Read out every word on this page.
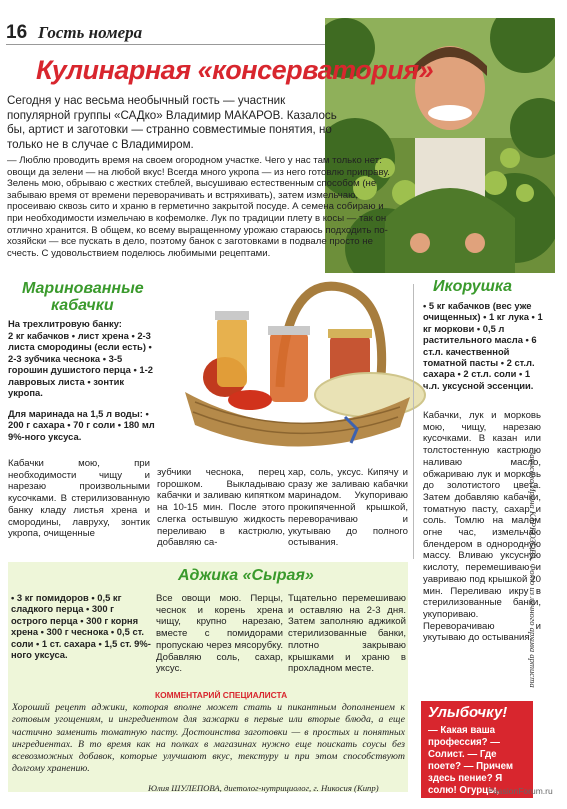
16 Гость номера
Кулинарная «консерватория»
Сегодня у нас весьма необычный гость — участник популярной группы «САДко» Владимир МАКАРОВ. Казалось бы, артист и заготовки — странно совместимые понятия, но только не в случае с Владимиром.
— Люблю проводить время на своем огородном участке. Чего у нас там только нет: овощи да зелени — на любой вкус! Всегда много укропа — из него готовлю приправу. Зелень мою, обрываю с жестких стеблей, высушиваю естественным способом (не забываю время от времени переворачивать и встряхивать), затем измельчаю, просеиваю сквозь сито и храню в герметично закрытой посуде. А семена собираю и при необходимости измельчаю в кофемолке. Лук по традиции плету в косы — так он отлично хранится. В общем, ко всему выращенному урожаю стараюсь подходить по-хозяйски — все пускать в дело, поэтому банок с заготовками в подвале просто не счесть. С удовольствием поделюсь любимыми рецептами.
Маринованные
кабачки
На трехлитровую банку:
2 кг кабачков • лист хрена • 2-3 листа смородины (если есть) • 2-3 зубчика чеснока • 3-5 горошин душистого перца • 1-2 лавровых листа • зонтик укропа.
Для маринада на 1,5 л воды: • 200 г сахара • 70 г соли • 180 мл 9%-ного уксуса.
Кабачки мою, при необходимости чищу и нарезаю произвольными кусочками. В стерилизованную банку кладу листья хрена и смородины, лавруху, зонтик укропа, очищенные
зубчики чеснока, перец горошком. Выкладываю кабачки и заливаю кипятком на 10-15 мин. После этого слегка остывшую жидкость переливаю в кастрюлю, добавляю са-
хар, соль, уксус. Кипячу и сразу же заливаю кабачки маринадом. Укупориваю прокипяченной крышкой, переворачиваю и укутываю до полного остывания.
Икорушка
• 5 кг кабачков (вес уже очищенных) • 1 кг лука • 1 кг моркови • 0,5 л растительного масла • 6 ст.л. качественной томатной пасты • 2 ст.л. сахара • 2 ст.л. соли • 1 ч.л. уксусной эссенции.
Кабачки, лук и морковь мою, чищу, нарезаю кусочками. В казан или толстостенную кастрюлю наливаю масло, обжариваю лук и морковь до золотистого цвета. Затем добавляю кабачки, томатную пасту, сахар и соль. Томлю на малом огне час, измельчаю блендером в однородную массу. Вливаю уксусную кислоту, перемешиваю и уавриваю под крышкой 20 мин. Переливаю икру в стерилизованные банки, укупориваю. Переворачиваю и укутываю до остывания.
Аджика «Сырая»
• 3 кг помидоров • 0,5 кг сладкого перца • 300 г острого перца • 300 г корня хрена • 300 г чеснока • 0,5 ст. соли • 1 ст. сахара • 1,5 ст. 9%-ного уксуса.
Все овощи мою. Перцы, чеснок и корень хрена чищу, крупно нарезаю, вместе с помидорами пропускаю через мясорубку. Добавляю соль, сахар, уксус.
Тщательно перемешиваю и оставляю на 2-3 дня. Затем заполняю аджикой стерилизованные банки, плотно закрываю крышками и храню в прохладном месте.
КОММЕНТАРИЙ СПЕЦИАЛИСТА
Хороший рецепт аджики, которая вполне может стать и пикантным дополнением к готовым угощениям, и ингредиентом для зажарки в первые или вторые блюда, а еще частично заменить томатную пасту. Достоинства заготовки — в простых и понятных ингредиентах. В то время как на полках в магазинах нужно еще поискать соусы без всевозможных добавок, которые улучшают вкус, текстуру и при этом способствуют долгому хранению.
Юлия ШУЛЕПОВА, диетолог-нутрициолог, г. Никосия (Кипр)
Улыбочку!
— Какая ваша профессия? — Солист. — Где поете? — Причем здесь пение? Я солю! Огурцы, помидоры, капусту...
Записала Ирина КАРКОЗОВА. Фото из личного архива артиста
PassionForum.ru
